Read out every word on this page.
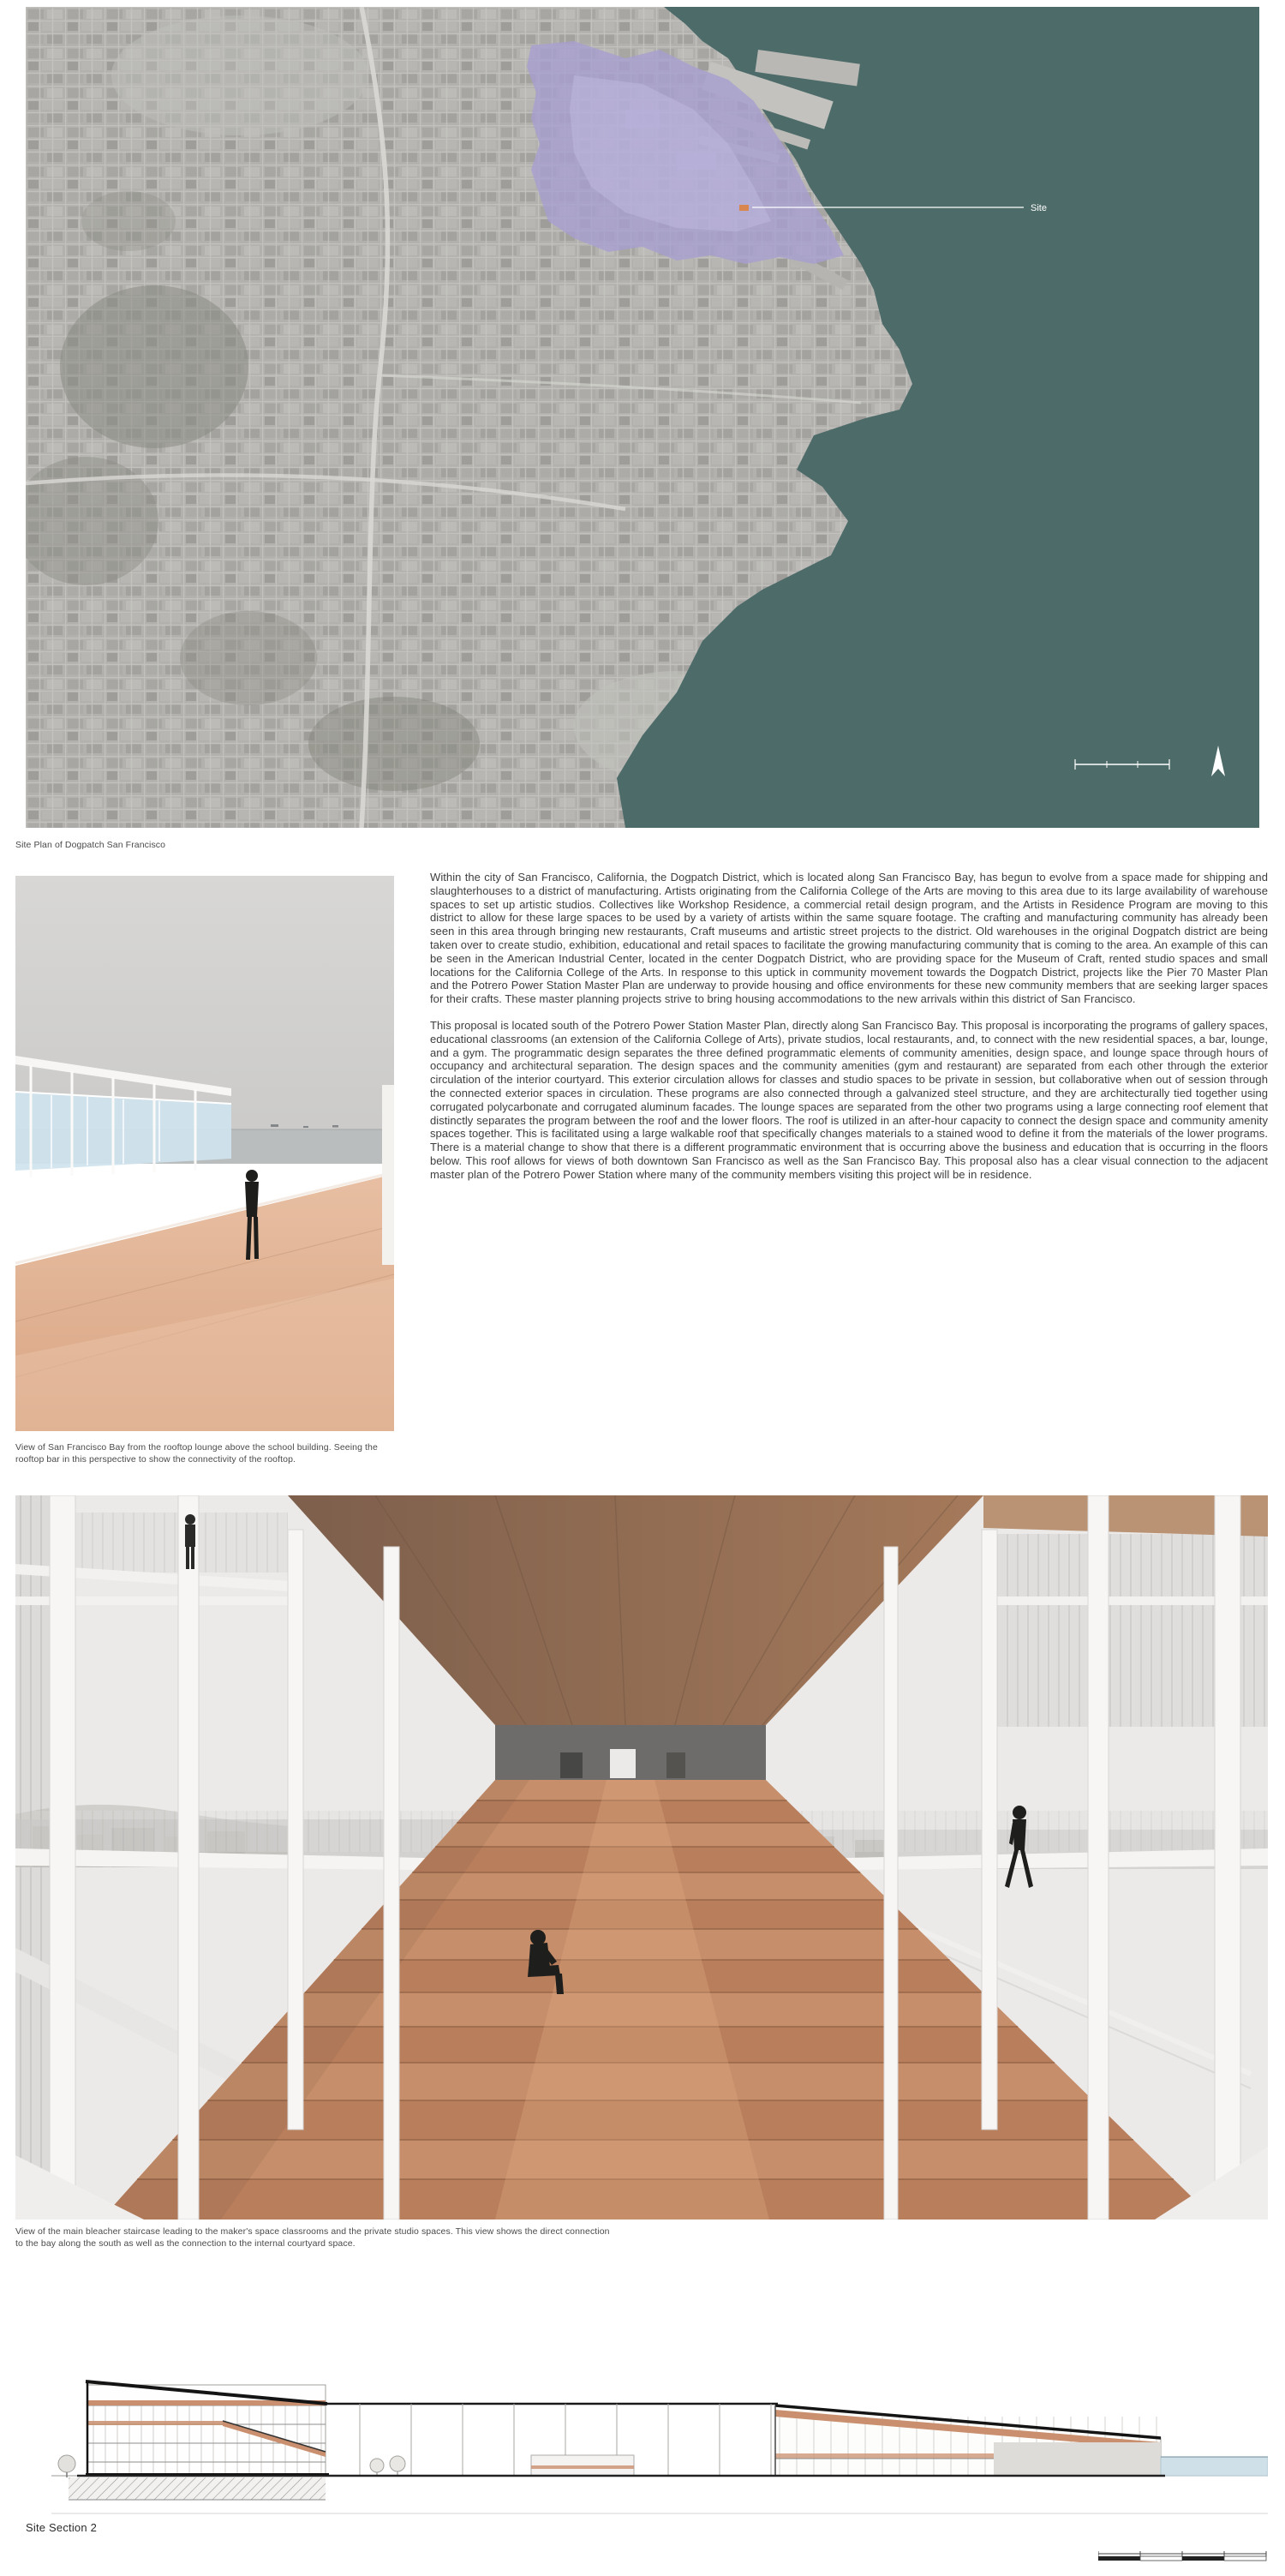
Site
Site Plan of Dogpatch San Francisco
View of San Francisco Bay from the rooftop lounge above the school building. Seeing the rooftop bar in this perspective to show the connectivity of the rooftop.

Within the city of San Francisco, California, the Dogpatch District, which is located along San Francisco Bay, has begun to evolve from a space made for shipping and slaughterhouses to a district of manufacturing. Artists originating from the California College of the Arts are moving to this area due to its large availability of warehouse spaces to set up artistic studios. Collectives like Workshop Residence, a commercial retail design program, and the Artists in Residence Program are moving to this district to allow for these large spaces to be used by a variety of artists within the same square footage. The crafting and manufacturing community has already been seen in this area through bringing new restaurants, Craft museums and artistic street projects to the district. Old warehouses in the original Dogpatch district are being taken over to create studio, exhibition, educational and retail spaces to facilitate the growing manufacturing community that is coming to the area. An example of this can be seen in the American Industrial Center, located in the center Dogpatch District, who are providing space for the Museum of Craft, rented studio spaces and small locations for the California College of the Arts. In response to this uptick in community movement towards the Dogpatch District, projects like the Pier 70 Master Plan and the Potrero Power Station Master Plan are underway to provide housing and office environments for these new community members that are seeking larger spaces for their crafts. These master planning projects strive to bring housing accommodations to the new arrivals within this district of San Francisco.

This proposal is located south of the Potrero Power Station Master Plan, directly along San Francisco Bay. This proposal is incorporating the programs of gallery spaces, educational classrooms (an extension of the California College of Arts), private studios, local restaurants, and, to connect with the new residential spaces, a bar, lounge, and a gym. The programmatic design separates the three defined programmatic elements of community amenities, design space, and lounge space through hours of occupancy and architectural separation. The design spaces and the community amenities (gym and restaurant) are separated from each other through the exterior circulation of the interior courtyard. This exterior circulation allows for classes and studio spaces to be private in session, but collaborative when out of session through the connected exterior spaces in circulation. These programs are also connected through a galvanized steel structure, and they are architecturally tied together using corrugated polycarbonate and corrugated aluminum facades. The lounge spaces are separated from the other two programs using a large connecting roof element that distinctly separates the program between the roof and the lower floors. The roof is utilized in an after-hour capacity to connect the design space and community amenity spaces together. This is facilitated using a large walkable roof that specifically changes materials to a stained wood to define it from the materials of the lower programs. There is a material change to show that there is a different programmatic environment that is occurring above the business and education that is occurring in the floors below. This roof allows for views of both downtown San Francisco as well as the San Francisco Bay. This proposal also has a clear visual connection to the adjacent master plan of the Potrero Power Station where many of the community members visiting this project will be in residence.

View of the main bleacher staircase leading to the maker's space classrooms and the private studio spaces. This view shows the direct connection to the bay along the south as well as the connection to the internal courtyard space.
Site Section 2
